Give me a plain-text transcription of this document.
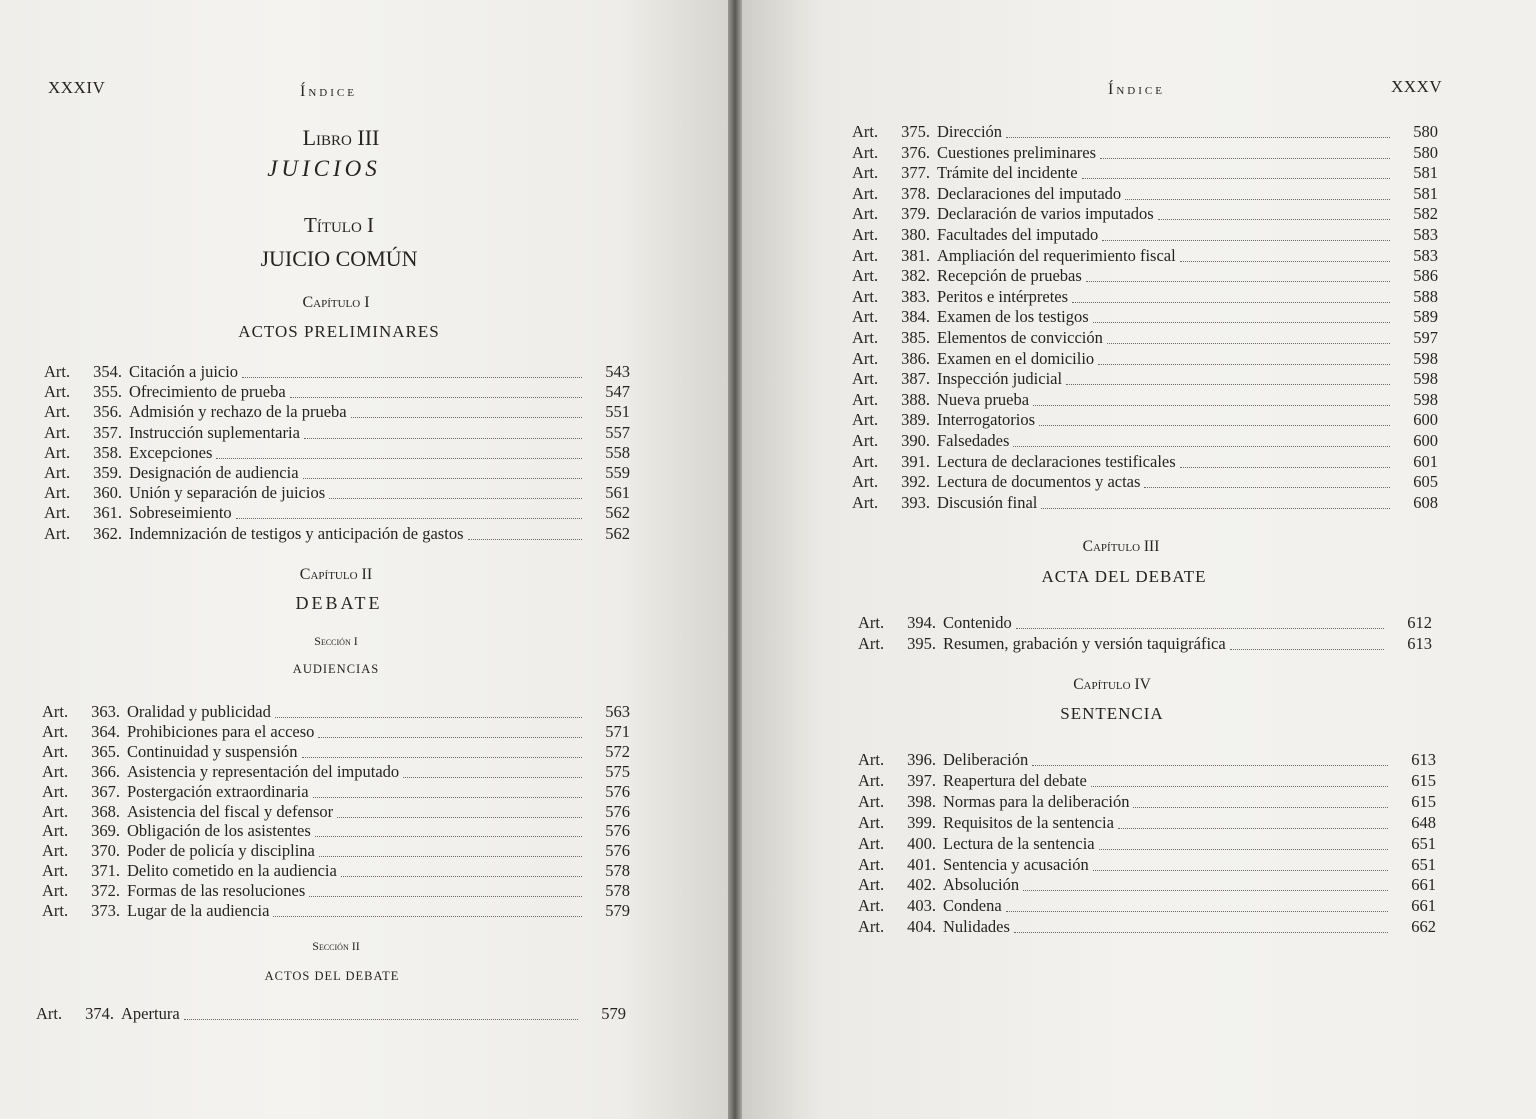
XXXIV	Índice
Libro III
JUICIOS
Título I
JUICIO COMÚN
Capítulo I
ACTOS PRELIMINARES
Art.	354. Citación a juicio	543
Art.	355. Ofrecimiento de prueba	547
Art.	356. Admisión y rechazo de la prueba	551
Art.	357. Instrucción suplementaria	557
Art.	358. Excepciones	558
Art.	359. Designación de audiencia	559
Art.	360. Unión y separación de juicios	561
Art.	361. Sobreseimiento	562
Art.	362. Indemnización de testigos y anticipación de gastos	562
Capítulo II
DEBATE
Sección I
AUDIENCIAS
Art.	363. Oralidad y publicidad	563
Art.	364. Prohibiciones para el acceso	571
Art.	365. Continuidad y suspensión	572
Art.	366. Asistencia y representación del imputado	575
Art.	367. Postergación extraordinaria	576
Art.	368. Asistencia del fiscal y defensor	576
Art.	369. Obligación de los asistentes	576
Art.	370. Poder de policía y disciplina	576
Art.	371. Delito cometido en la audiencia	578
Art.	372. Formas de las resoluciones	578
Art.	373. Lugar de la audiencia	579
Sección II
ACTOS DEL DEBATE
Art.	374. Apertura	579
Índice	XXXV
Art.	375. Dirección	580
Art.	376. Cuestiones preliminares	580
Art.	377. Trámite del incidente	581
Art.	378. Declaraciones del imputado	581
Art.	379. Declaración de varios imputados	582
Art.	380. Facultades del imputado	583
Art.	381. Ampliación del requerimiento fiscal	583
Art.	382. Recepción de pruebas	586
Art.	383. Peritos e intérpretes	588
Art.	384. Examen de los testigos	589
Art.	385. Elementos de convicción	597
Art.	386. Examen en el domicilio	598
Art.	387. Inspección judicial	598
Art.	388. Nueva prueba	598
Art.	389. Interrogatorios	600
Art.	390. Falsedades	600
Art.	391. Lectura de declaraciones testificales	601
Art.	392. Lectura de documentos y actas	605
Art.	393. Discusión final	608
Capítulo III
ACTA DEL DEBATE
Art.	394. Contenido	612
Art.	395. Resumen, grabación y versión taquigráfica	613
Capítulo IV
SENTENCIA
Art.	396. Deliberación	613
Art.	397. Reapertura del debate	615
Art.	398. Normas para la deliberación	615
Art.	399. Requisitos de la sentencia	648
Art.	400. Lectura de la sentencia	651
Art.	401. Sentencia y acusación	651
Art.	402. Absolución	661
Art.	403. Condena	661
Art.	404. Nulidades	662
